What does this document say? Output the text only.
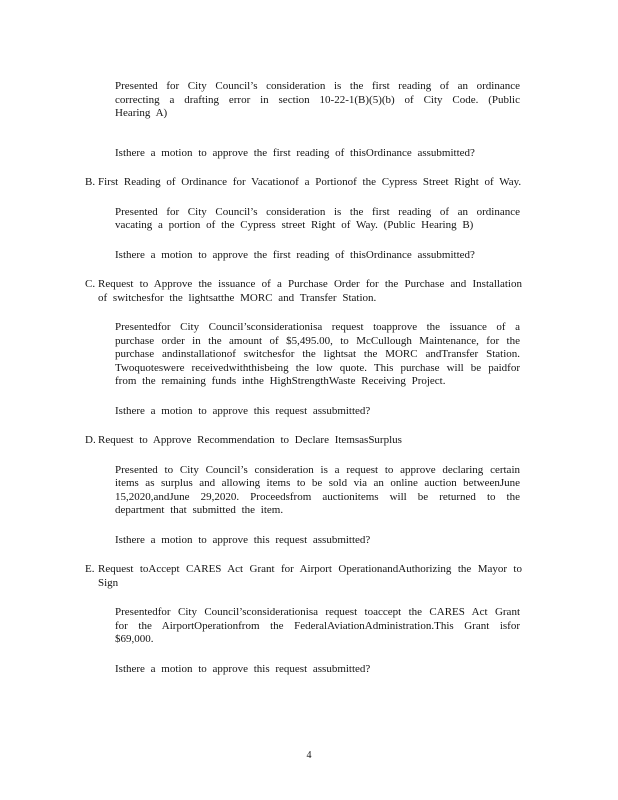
Presented for City Council’s consideration is the first reading of an ordinance correcting a drafting error in section 10-22-1(B)(5)(b) of City Code. (Public Hearing A)

Isthere a motion to approve the first reading of thisOrdinance assubmitted?

B. First Reading of Ordinance for Vacationof a Portionof the Cypress Street Right of Way.

Presented for City Council’s consideration is the first reading of an ordinance vacating a portion of the Cypress street Right of Way. (Public Hearing B)

Isthere a motion to approve the first reading of thisOrdinance assubmitted?

C. Request to Approve the issuance of a Purchase Order for the Purchase and Installation of switchesfor the lightsatthe MORC and Transfer Station.

Presentedfor City Council’sconsiderationisa request toapprove the issuance of a purchase order in the amount of $5,495.00, to McCullough Maintenance, for the purchase andinstallationof switchesfor the lightsat the MORC andTransfer Station. Twoquoteswere receivedwiththisbeing the low quote. This purchase will be paidfor from the remaining funds inthe HighStrengthWaste Receiving Project.

Isthere a motion to approve this request assubmitted?

D. Request to Approve Recommendation to Declare ItemsasSurplus

Presented to City Council’s consideration is a request to approve declaring certain items as surplus and allowing items to be sold via an online auction betweenJune 15,2020,andJune 29,2020. Proceedsfrom auctionitems will be returned to the department that submitted the item.

Isthere a motion to approve this request assubmitted?

E. Request toAccept CARES Act Grant for Airport OperationandAuthorizing the Mayor to Sign

Presentedfor City Council’sconsiderationisa request toaccept the CARES Act Grant for the AirportOperationfrom the FederalAviationAdministration.This Grant isfor $69,000.

Isthere a motion to approve this request assubmitted?

4
